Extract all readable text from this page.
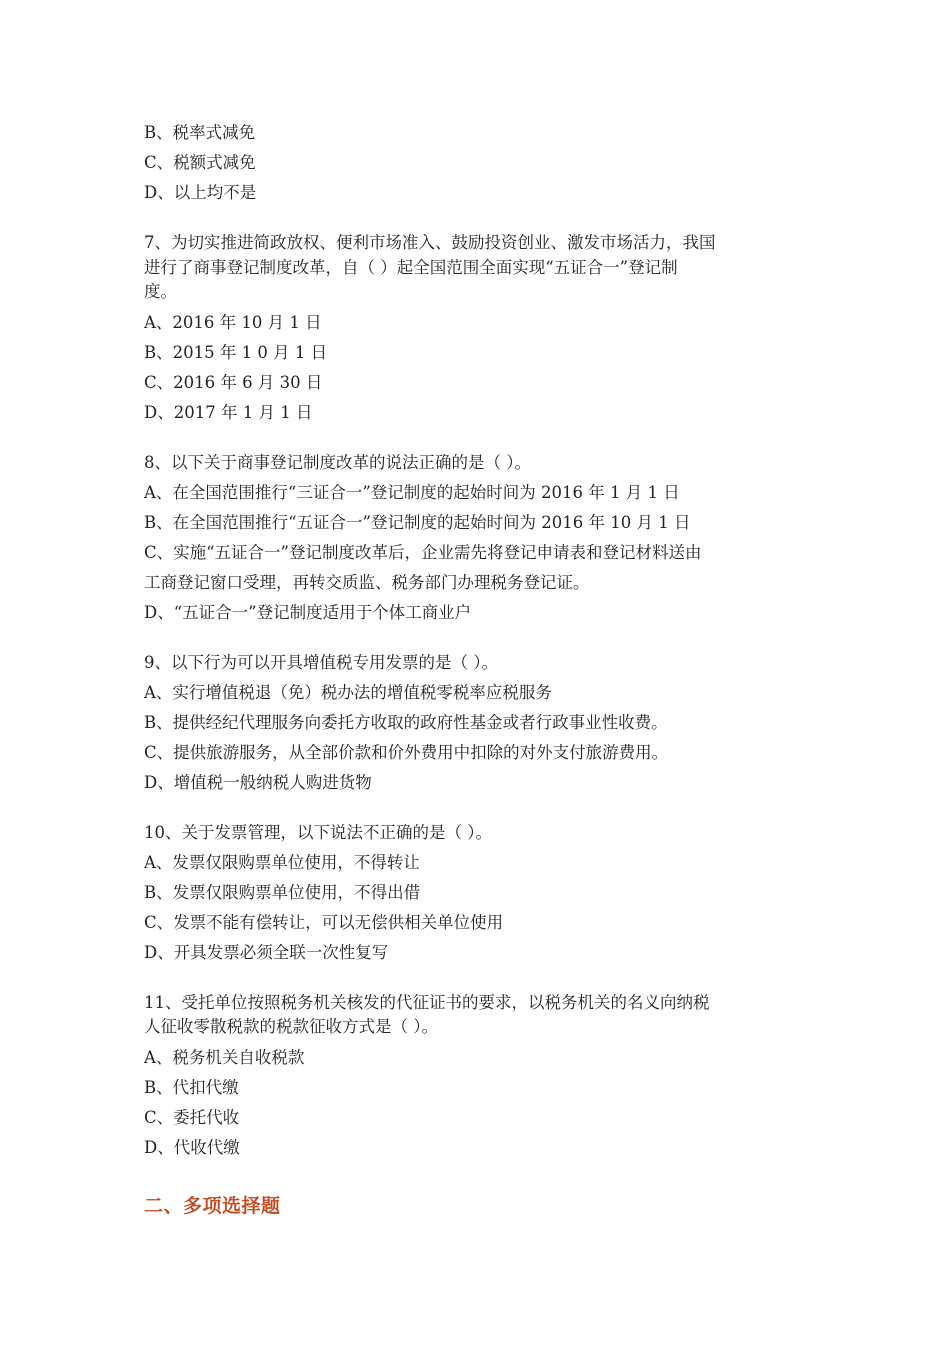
B、税率式减免
C、税额式减免
D、以上均不是
7、为切实推进简政放权、便利市场准入、鼓励投资创业、激发市场活力，我国
进行了商事登记制度改革，自（ ）起全国范围全面实现“五证合一”登记制
度。
A、2016 年 10 月 1 日
B、2015 年 1 0 月 1 日
C、2016 年 6 月 30 日
D、2017 年 1 月 1 日
8、以下关于商事登记制度改革的说法正确的是（ ）。
A、在全国范围推行“三证合一”登记制度的起始时间为 2016 年 1 月 1 日
B、在全国范围推行“五证合一”登记制度的起始时间为 2016 年 10 月 1 日
C、实施“五证合一”登记制度改革后，企业需先将登记申请表和登记材料送由
工商登记窗口受理，再转交质监、税务部门办理税务登记证。
D、“五证合一”登记制度适用于个体工商业户
9、以下行为可以开具增值税专用发票的是（ ）。
A、实行增值税退（免）税办法的增值税零税率应税服务
B、提供经纪代理服务向委托方收取的政府性基金或者行政事业性收费。
C、提供旅游服务，从全部价款和价外费用中扣除的对外支付旅游费用。
D、增值税一般纳税人购进货物
10、关于发票管理，以下说法不正确的是（ ）。
A、发票仅限购票单位使用，不得转让
B、发票仅限购票单位使用，不得出借
C、发票不能有偿转让，可以无偿供相关单位使用
D、开具发票必须全联一次性复写
11、受托单位按照税务机关核发的代征证书的要求，以税务机关的名义向纳税
人征收零散税款的税款征收方式是（ ）。
A、税务机关自收税款
B、代扣代缴
C、委托代收
D、代收代缴
二、多项选择题
